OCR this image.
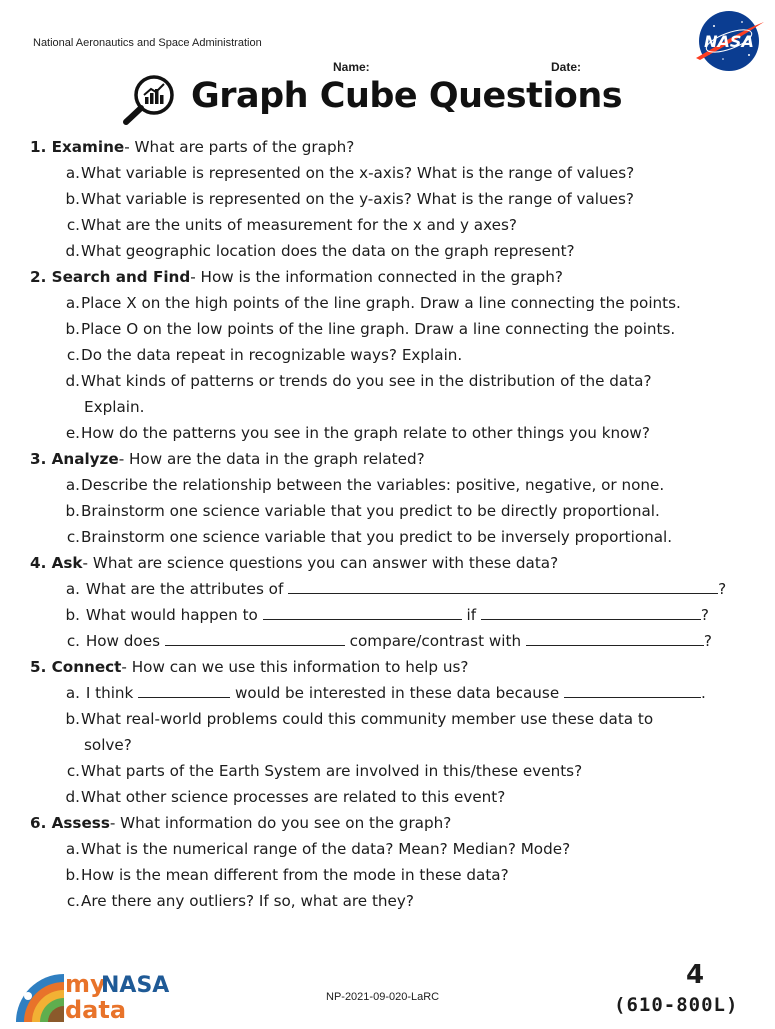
National Aeronautics and Space Administration	NASA
Name:	Date:
Graph Cube Questions
1. Examine- What are parts of the graph?
a.What variable is represented on the x-axis? What is the range of values?
b.What variable is represented on the y-axis? What is the range of values?
c.What are the units of measurement for the x and y axes?
d.What geographic location does the data on the graph represent?
2. Search and Find- How is the information connected in the graph?
a.Place X on the high points of the line graph. Draw a line connecting the points.
b.Place O on the low points of the line graph. Draw a line connecting the points.
c.Do the data repeat in recognizable ways? Explain.
d.What kinds of patterns or trends do you see in the distribution of the data?
Explain.
e.How do the patterns you see in the graph relate to other things you know?
3. Analyze- How are the data in the graph related?
a.Describe the relationship between the variables: positive, negative, or none.
b.Brainstorm one science variable that you predict to be directly proportional.
c.Brainstorm one science variable that you predict to be inversely proportional.
4. Ask- What are science questions you can answer with these data?
a. What are the attributes of	?
b. What would happen to	if	?
c. How does	compare/contrast with	?
5. Connect- How can we use this information to help us?
a. I think	would be interested in these data because	.
b.What real-world problems could this community member use these data to
solve?
c.What parts of the Earth System are involved in this/these events?
d.What other science processes are related to this event?
6. Assess- What information do you see on the graph?
a.What is the numerical range of the data? Mean? Median? Mode?
b.How is the mean different from the mode in these data?
c.Are there any outliers? If so, what are they?
my
NASA
data	NP-2021-09-020-LaRC
4
(610-800L)
